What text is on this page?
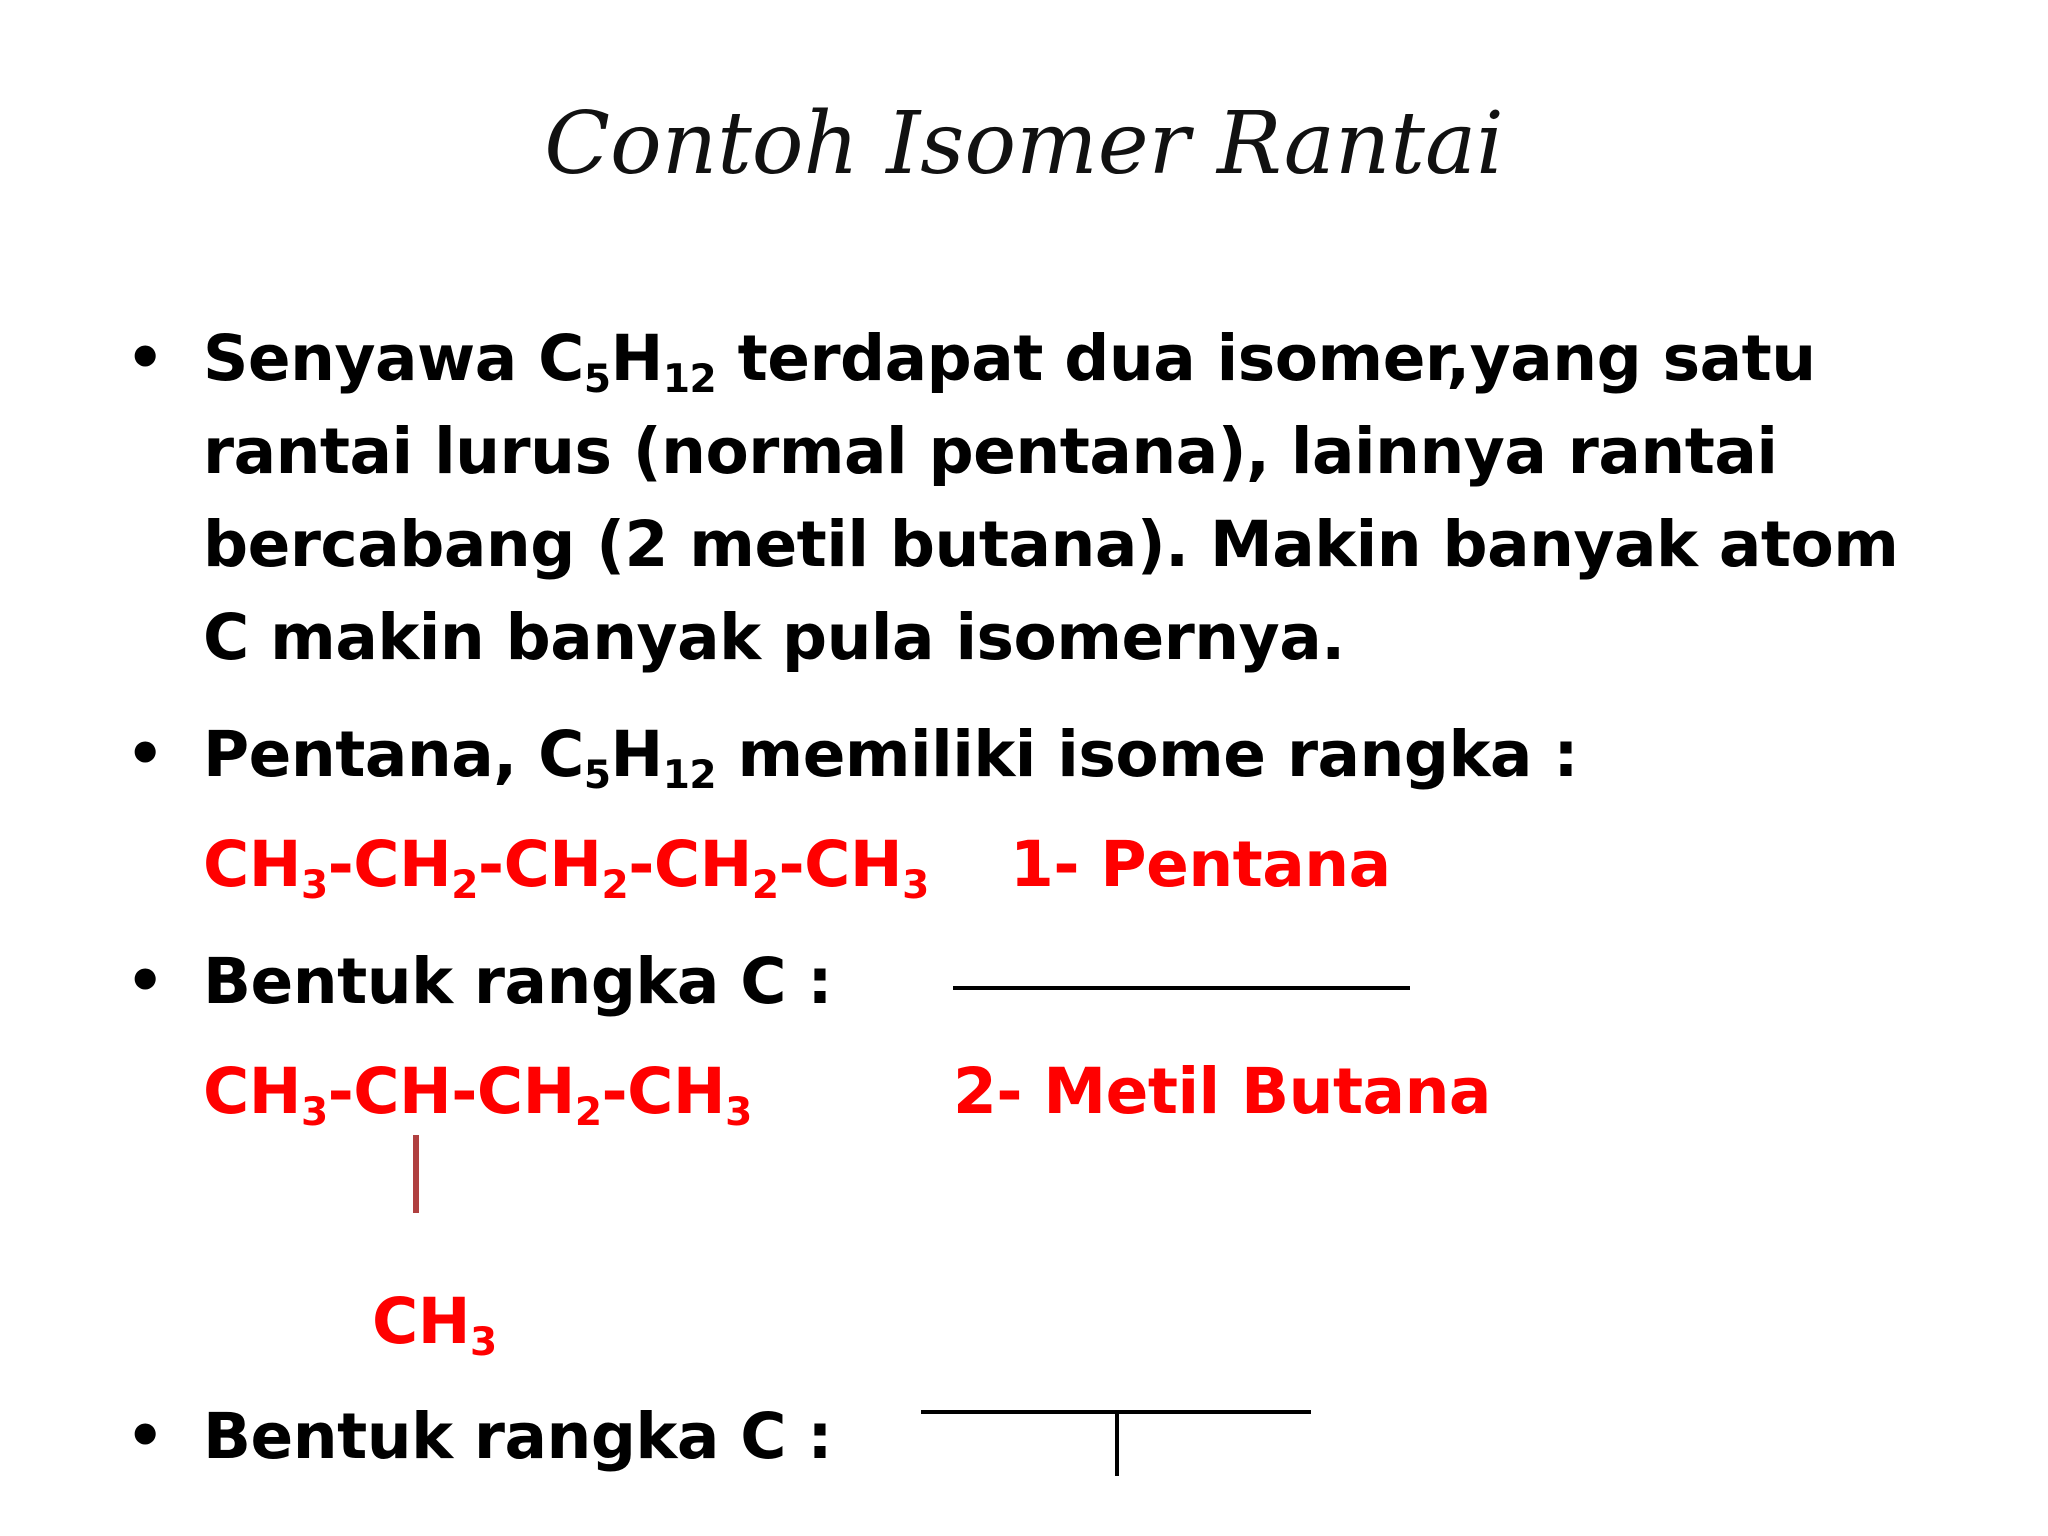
Contoh Isomer Rantai
• Senyawa C5H12 terdapat dua isomer,yang satu
rantai lurus (normal pentana), lainnya rantai
bercabang (2 metil butana). Makin banyak atom
C makin banyak pula isomernya.
• Pentana, C5H12 memiliki isome rangka :
CH3-CH2-CH2-CH2-CH3 1- Pentana
• Bentuk rangka C :
CH3-CH-CH2-CH3	2- Metil Butana
CH3
• Bentuk rangka C :
